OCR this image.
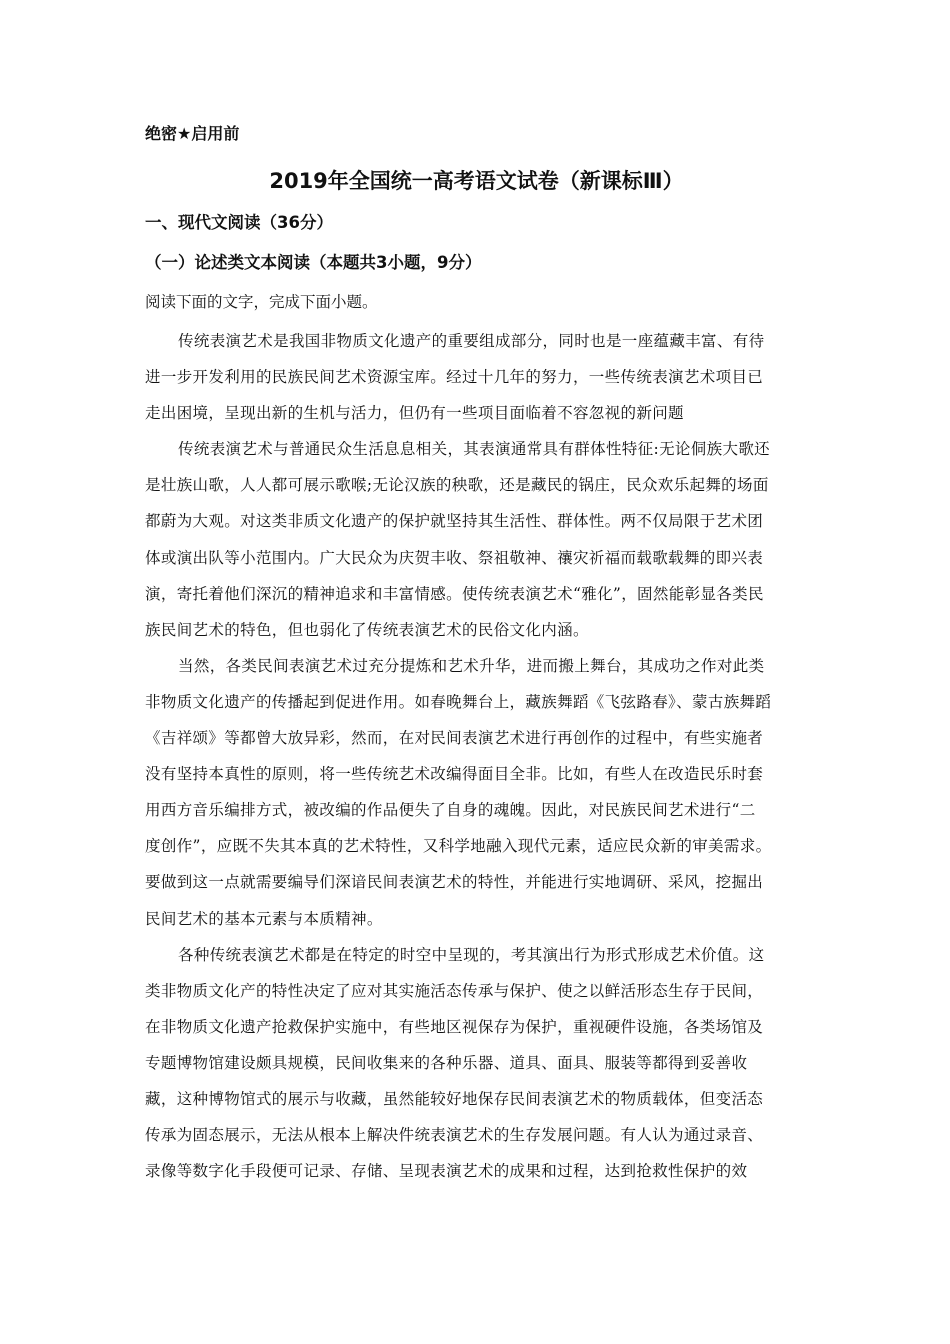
绝密★启用前
2019年全国统一高考语文试卷（新课标Ⅲ）
一、现代文阅读（36分）
（一）论述类文本阅读（本题共3小题，9分）
阅读下面的文字，完成下面小题。
传统表演艺术是我国非物质文化遗产的重要组成部分，同时也是一座蕴藏丰富、有待
进一步开发利用的民族民间艺术资源宝库。经过十几年的努力，一些传统表演艺术项目已
走出困境，呈现出新的生机与活力，但仍有一些项目面临着不容忽视的新问题
传统表演艺术与普通民众生活息息相关，其表演通常具有群体性特征:无论侗族大歌还
是壮族山歌，人人都可展示歌喉;无论汉族的秧歌，还是藏民的锅庄，民众欢乐起舞的场面
都蔚为大观。对这类非质文化遗产的保护就坚持其生活性、群体性。两不仅局限于艺术团
体或演出队等小范围内。广大民众为庆贺丰收、祭祖敬神、禳灾祈福而载歌载舞的即兴表
演，寄托着他们深沉的精神追求和丰富情感。使传统表演艺术“雅化”，固然能彰显各类民
族民间艺术的特色，但也弱化了传统表演艺术的民俗文化内涵。
当然，各类民间表演艺术过充分提炼和艺术升华，进而搬上舞台，其成功之作对此类
非物质文化遗产的传播起到促进作用。如春晚舞台上，藏族舞蹈《飞弦路春》、蒙古族舞蹈
《吉祥颂》等都曾大放异彩，然而，在对民间表演艺术进行再创作的过程中，有些实施者
没有坚持本真性的原则，将一些传统艺术改编得面目全非。比如，有些人在改造民乐时套
用西方音乐编排方式，被改编的作品便失了自身的魂魄。因此，对民族民间艺术进行“二
度创作”，应既不失其本真的艺术特性，又科学地融入现代元素，适应民众新的审美需求。
要做到这一点就需要编导们深谙民间表演艺术的特性，并能进行实地调研、采风，挖掘出
民间艺术的基本元素与本质精神。
各种传统表演艺术都是在特定的时空中呈现的，考其演出行为形式形成艺术价值。这
类非物质文化产的特性决定了应对其实施活态传承与保护、使之以鲜活形态生存于民间，
在非物质文化遗产抢救保护实施中，有些地区视保存为保护，重视硬件设施，各类场馆及
专题博物馆建设颇具规模，民间收集来的各种乐器、道具、面具、服装等都得到妥善收
藏，这种博物馆式的展示与收藏，虽然能较好地保存民间表演艺术的物质载体，但变活态
传承为固态展示，无法从根本上解决件统表演艺术的生存发展问题。有人认为通过录音、
录像等数字化手段便可记录、存储、呈现表演艺术的成果和过程，达到抢救性保护的效
